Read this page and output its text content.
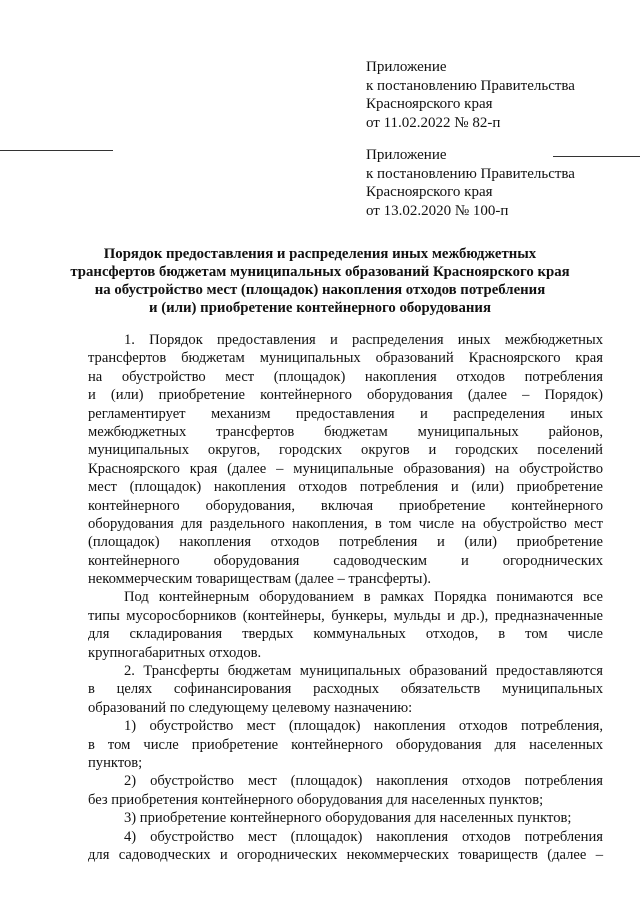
Приложение
к постановлению Правительства
Красноярского края
от 11.02.2022 № 82-п
Приложение
к постановлению Правительства
Красноярского края
от 13.02.2020 № 100-п
Порядок предоставления и распределения иных межбюджетных
трансфертов бюджетам муниципальных образований Красноярского края
на обустройство мест (площадок) накопления отходов потребления
и (или) приобретение контейнерного оборудования
1. Порядок предоставления и распределения иных межбюджетных
трансфертов бюджетам муниципальных образований Красноярского края
на обустройство мест (площадок) накопления отходов потребления
и (или) приобретение контейнерного оборудования (далее – Порядок)
регламентирует механизм предоставления и распределения иных
межбюджетных трансфертов бюджетам муниципальных районов,
муниципальных округов, городских округов и городских поселений
Красноярского края (далее – муниципальные образования) на обустройство
мест (площадок) накопления отходов потребления и (или) приобретение
контейнерного оборудования, включая приобретение контейнерного
оборудования для раздельного накопления, в том числе на обустройство мест
(площадок) накопления отходов потребления и (или) приобретение
контейнерного оборудования садоводческим и огороднических
некоммерческим товариществам (далее – трансферты).
Под контейнерным оборудованием в рамках Порядка понимаются все
типы мусоросборников (контейнеры, бункеры, мульды и др.), предназначенные
для складирования твердых коммунальных отходов, в том числе
крупногабаритных отходов.
2. Трансферты бюджетам муниципальных образований предоставляются
в целях софинансирования расходных обязательств муниципальных
образований по следующему целевому назначению:
1) обустройство мест (площадок) накопления отходов потребления,
в том числе приобретение контейнерного оборудования для населенных
пунктов;
2) обустройство мест (площадок) накопления отходов потребления
без приобретения контейнерного оборудования для населенных пунктов;
3) приобретение контейнерного оборудования для населенных пунктов;
4) обустройство мест (площадок) накопления отходов потребления
для садоводческих и огороднических некоммерческих товариществ (далее –
